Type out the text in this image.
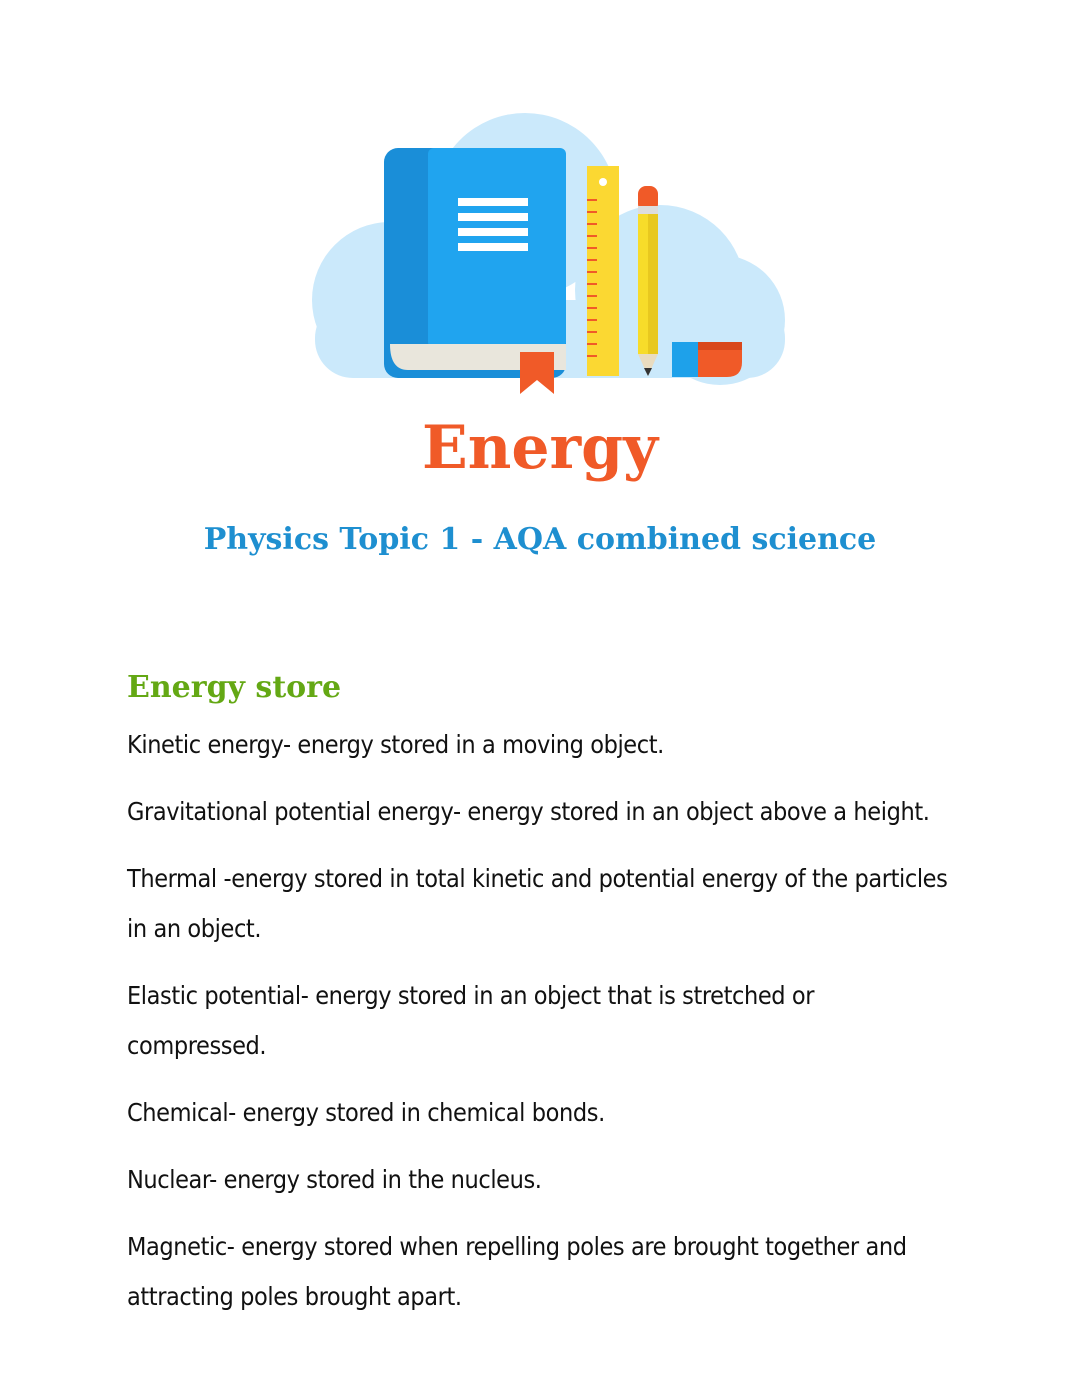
Energy
Physics Topic 1 - AQA combined science
Energy store
Kinetic energy- energy stored in a moving object.
Gravitational potential energy- energy stored in an object above a height.
Thermal -energy stored in total kinetic and potential energy of the particles in an object.
Elastic potential- energy stored in an object that is stretched or compressed.
Chemical- energy stored in chemical bonds.
Nuclear- energy stored in the nucleus.
Magnetic- energy stored when repelling poles are brought together and attracting poles brought apart.
